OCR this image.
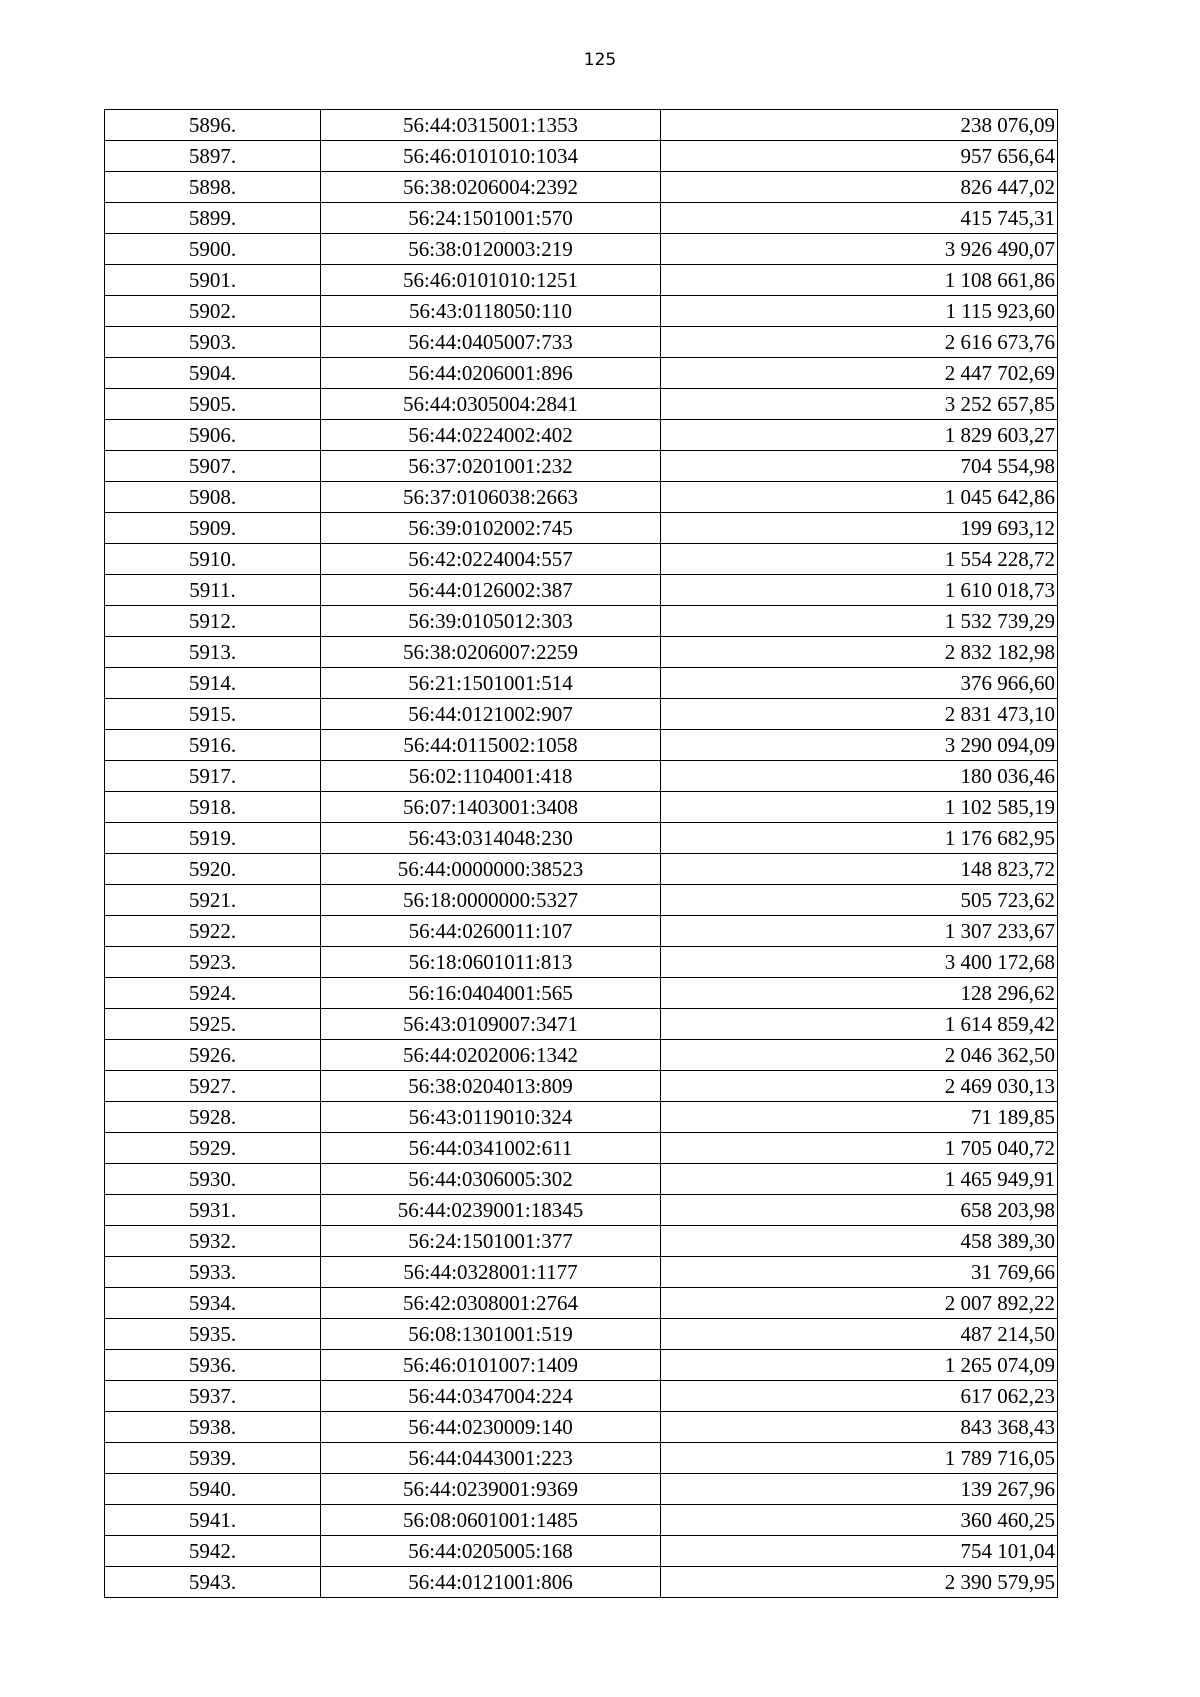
125
5896.	56:44:0315001:1353	238 076,09
5897.	56:46:0101010:1034	957 656,64
5898.	56:38:0206004:2392	826 447,02
5899.	56:24:1501001:570	415 745,31
5900.	56:38:0120003:219	3 926 490,07
5901.	56:46:0101010:1251	1 108 661,86
5902.	56:43:0118050:110	1 115 923,60
5903.	56:44:0405007:733	2 616 673,76
5904.	56:44:0206001:896	2 447 702,69
5905.	56:44:0305004:2841	3 252 657,85
5906.	56:44:0224002:402	1 829 603,27
5907.	56:37:0201001:232	704 554,98
5908.	56:37:0106038:2663	1 045 642,86
5909.	56:39:0102002:745	199 693,12
5910.	56:42:0224004:557	1 554 228,72
5911.	56:44:0126002:387	1 610 018,73
5912.	56:39:0105012:303	1 532 739,29
5913.	56:38:0206007:2259	2 832 182,98
5914.	56:21:1501001:514	376 966,60
5915.	56:44:0121002:907	2 831 473,10
5916.	56:44:0115002:1058	3 290 094,09
5917.	56:02:1104001:418	180 036,46
5918.	56:07:1403001:3408	1 102 585,19
5919.	56:43:0314048:230	1 176 682,95
5920.	56:44:0000000:38523	148 823,72
5921.	56:18:0000000:5327	505 723,62
5922.	56:44:0260011:107	1 307 233,67
5923.	56:18:0601011:813	3 400 172,68
5924.	56:16:0404001:565	128 296,62
5925.	56:43:0109007:3471	1 614 859,42
5926.	56:44:0202006:1342	2 046 362,50
5927.	56:38:0204013:809	2 469 030,13
5928.	56:43:0119010:324	71 189,85
5929.	56:44:0341002:611	1 705 040,72
5930.	56:44:0306005:302	1 465 949,91
5931.	56:44:0239001:18345	658 203,98
5932.	56:24:1501001:377	458 389,30
5933.	56:44:0328001:1177	31 769,66
5934.	56:42:0308001:2764	2 007 892,22
5935.	56:08:1301001:519	487 214,50
5936.	56:46:0101007:1409	1 265 074,09
5937.	56:44:0347004:224	617 062,23
5938.	56:44:0230009:140	843 368,43
5939.	56:44:0443001:223	1 789 716,05
5940.	56:44:0239001:9369	139 267,96
5941.	56:08:0601001:1485	360 460,25
5942.	56:44:0205005:168	754 101,04
5943.	56:44:0121001:806	2 390 579,95
